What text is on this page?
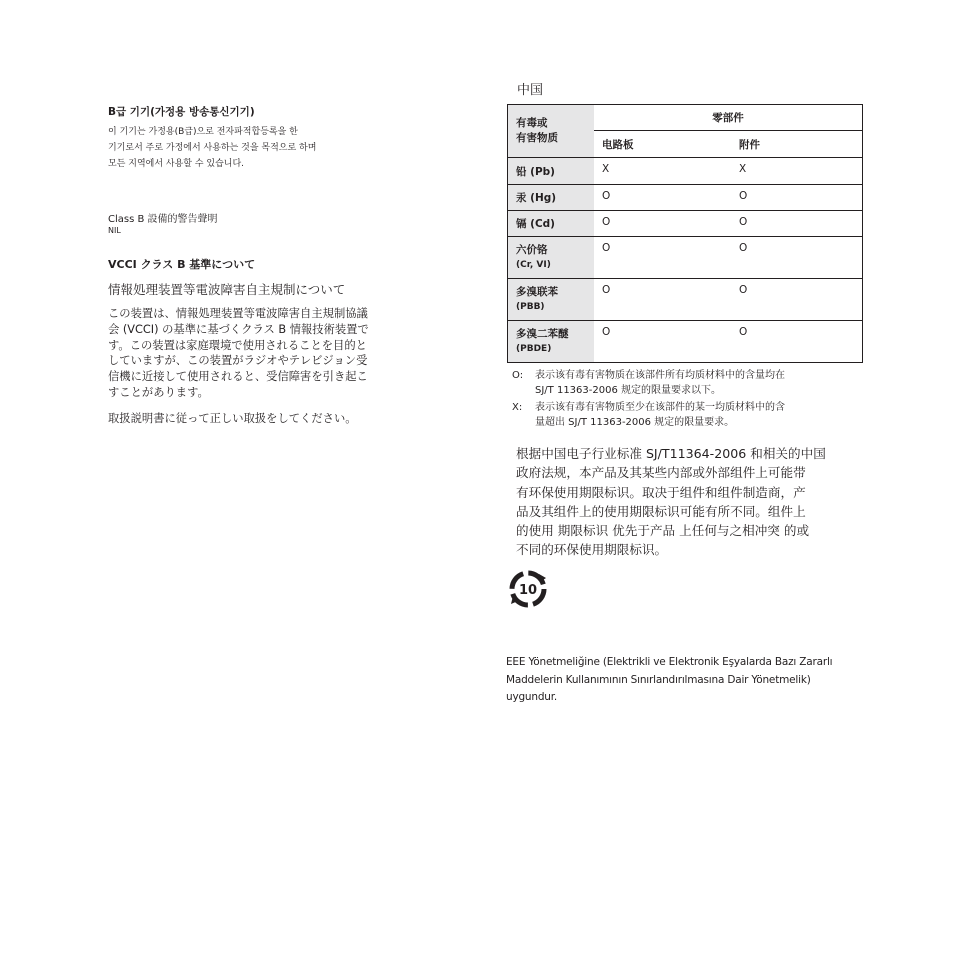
B급 기기(가정용 방송통신기기)
이 기기는 가정용(B급)으로 전자파적합등록을 한
기기로서 주로 가정에서 사용하는 것을 목적으로 하며
모든 지역에서 사용할 수 있습니다.
Class B 設備的警告聲明
NIL
VCCI クラス B 基準について
情報処理装置等電波障害自主規制について
この装置は、情報処理装置等電波障害自主規制協議
会 (VCCI) の基準に基づくクラス B 情報技術装置で
す。この装置は家庭環境で使用されることを目的と
していますが、この装置がラジオやテレビジョン受
信機に近接して使用されると、受信障害を引き起こ
すことがあります。
取扱説明書に従って正しい取扱をしてください。
中国
有毒或
有害物质	零部件	
	电路板	附件
铅 (Pb)	X	X
汞 (Hg)	O	O
镉 (Cd)	O	O

六价铬
(Cr, VI)	O	O

多溴联苯
(PBB)	O	O

多溴二苯醚
(PBDE)	O	O
O: 表示该有毒有害物质在该部件所有均质材料中的含量均在
SJ/T 11363-2006 规定的限量要求以下。
X: 表示该有毒有害物质至少在该部件的某一均质材料中的含
量超出 SJ/T 11363-2006 规定的限量要求。
根据中国电子行业标准 SJ/T11364-2006 和相关的中国
政府法规，本产品及其某些内部或外部组件上可能带
有环保使用期限标识。取决于组件和组件制造商，产
品及其组件上的使用期限标识可能有所不同。组件上
的使用 期限标识 优先于产品 上任何与之相冲突 的或
不同的环保使用期限标识。
10
EEE Yönetmeliğine (Elektrikli ve Elektronik Eşyalarda Bazı Zararlı
Maddelerin Kullanımının Sınırlandırılmasına Dair Yönetmelik)
uygundur.
